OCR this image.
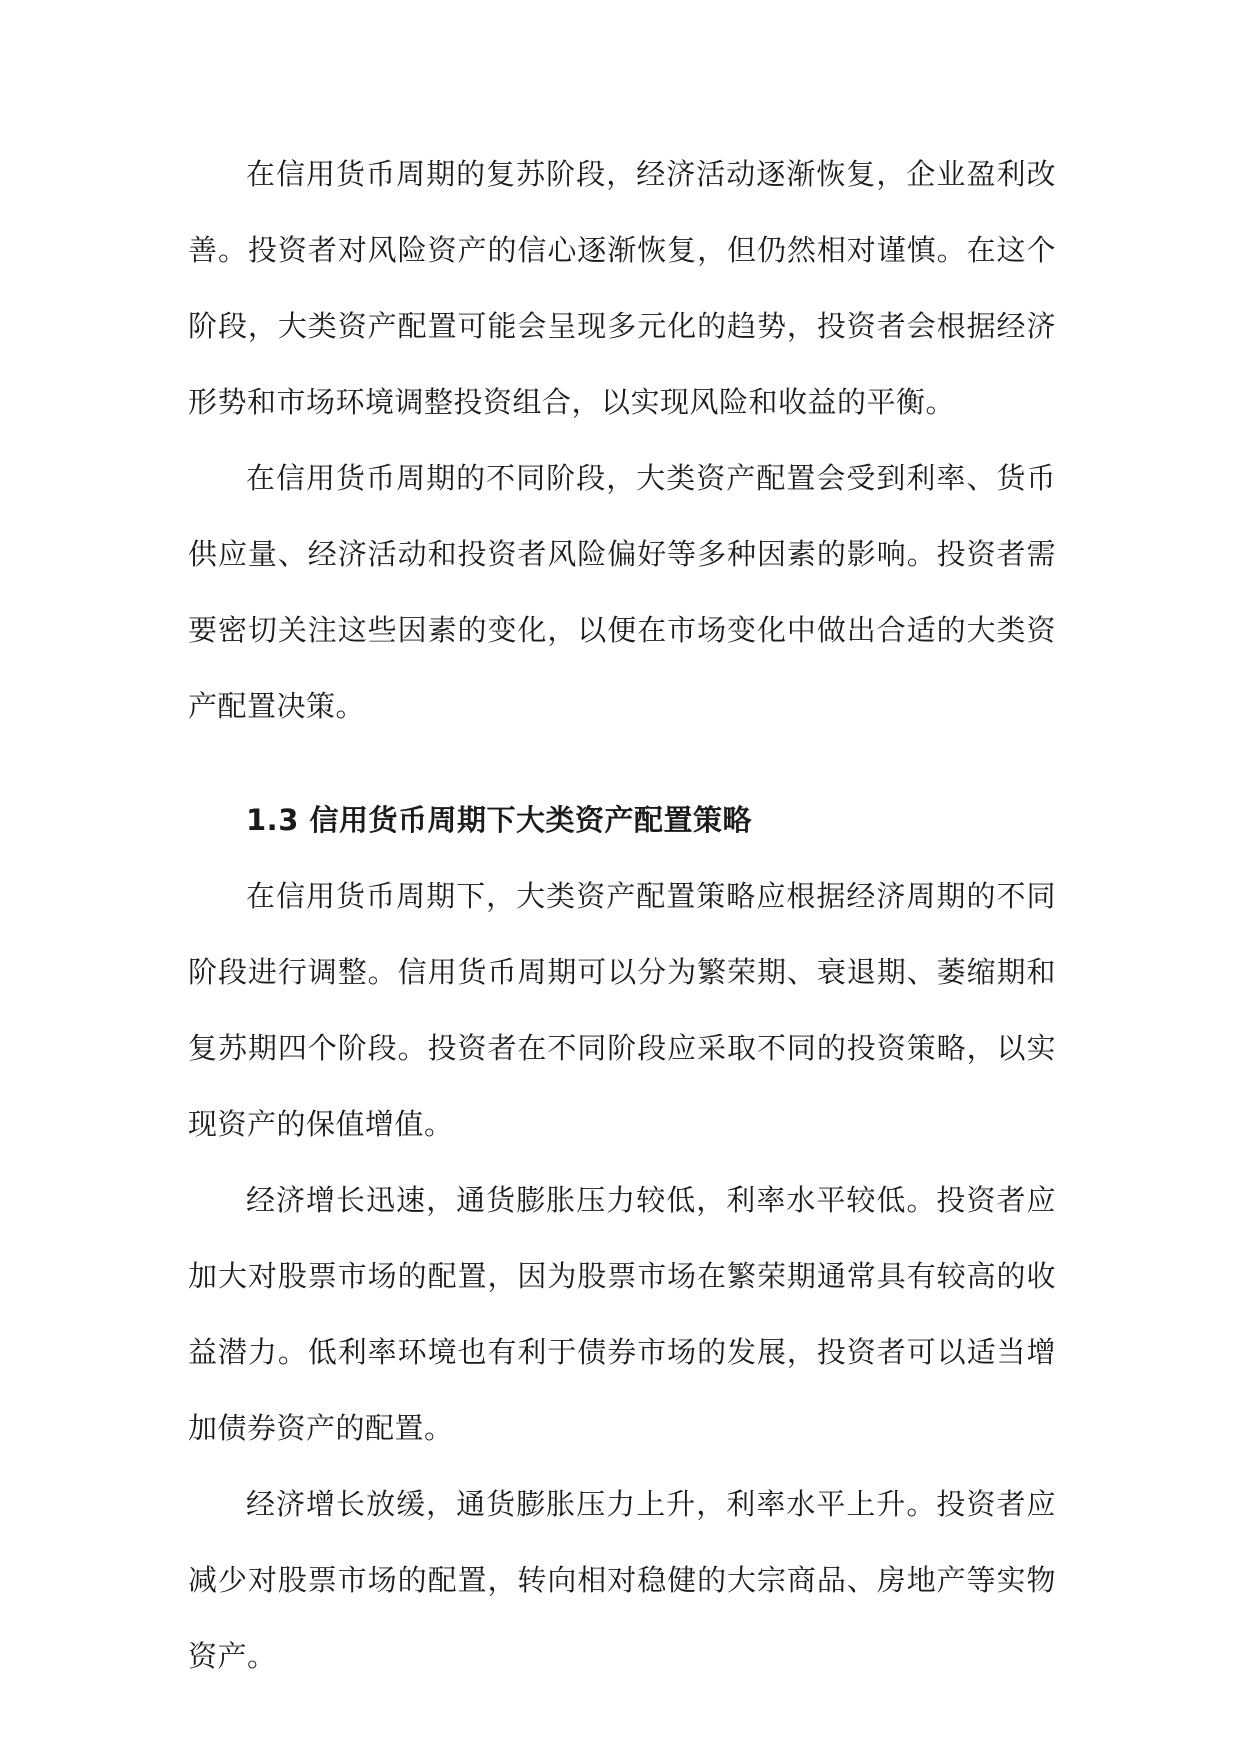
在信用货币周期的复苏阶段，经济活动逐渐恢复，企业盈利改善。投资者对风险资产的信心逐渐恢复，但仍然相对谨慎。在这个阶段，大类资产配置可能会呈现多元化的趋势，投资者会根据经济形势和市场环境调整投资组合，以实现风险和收益的平衡。

在信用货币周期的不同阶段，大类资产配置会受到利率、货币供应量、经济活动和投资者风险偏好等多种因素的影响。投资者需要密切关注这些因素的变化，以便在市场变化中做出合适的大类资产配置决策。

1.3 信用货币周期下大类资产配置策略

在信用货币周期下，大类资产配置策略应根据经济周期的不同阶段进行调整。信用货币周期可以分为繁荣期、衰退期、萎缩期和复苏期四个阶段。投资者在不同阶段应采取不同的投资策略，以实现资产的保值增值。

经济增长迅速，通货膨胀压力较低，利率水平较低。投资者应加大对股票市场的配置，因为股票市场在繁荣期通常具有较高的收益潜力。低利率环境也有利于债券市场的发展，投资者可以适当增加债券资产的配置。

经济增长放缓，通货膨胀压力上升，利率水平上升。投资者应减少对股票市场的配置，转向相对稳健的大宗商品、房地产等实物资产。
